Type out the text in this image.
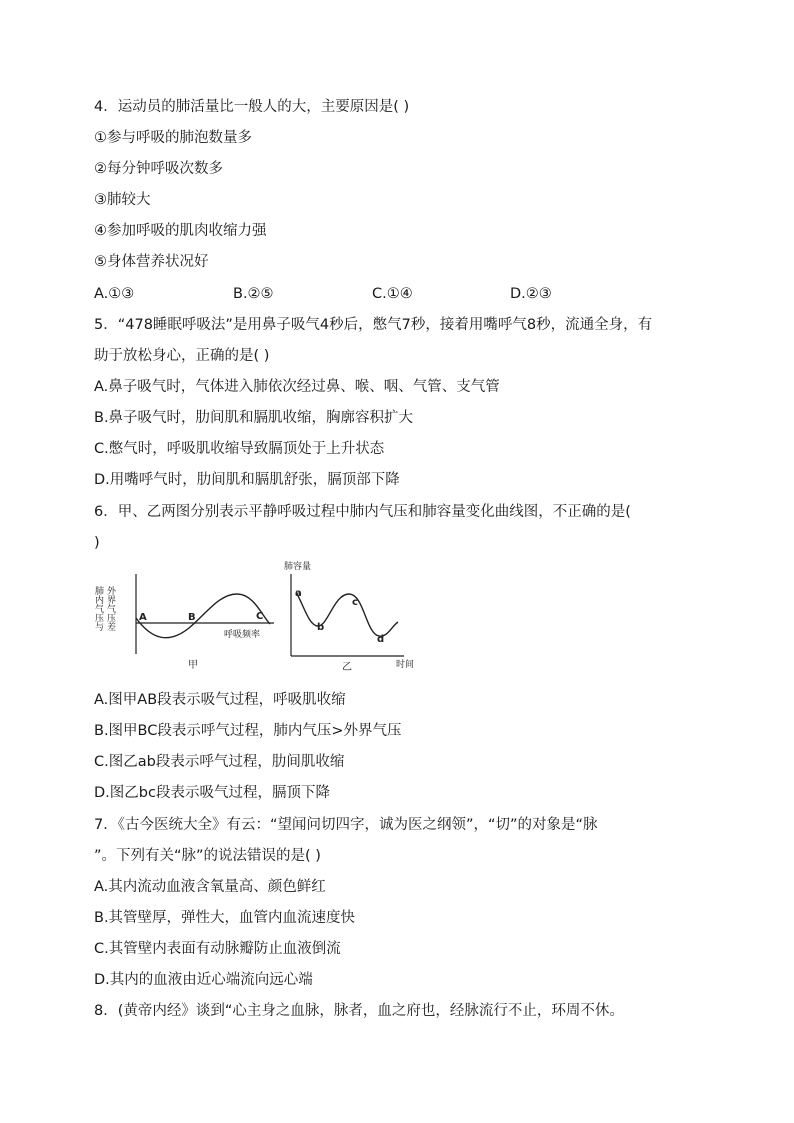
4．运动员的肺活量比一般人的大，主要原因是( )
①参与呼吸的肺泡数量多
②每分钟呼吸次数多
③肺较大
④参加呼吸的肌肉收缩力强
⑤身体营养状况好
A.①③	B.②⑤	C.①④	D.②③
5．“478睡眠呼吸法”是用鼻子吸气4秒后，憋气7秒，接着用嘴呼气8秒，流通全身，有
助于放松身心，正确的是( )
A.鼻子吸气时，气体进入肺依次经过鼻、喉、咽、气管、支气管
B.鼻子吸气时，肋间肌和膈肌收缩，胸廓容积扩大
C.憋气时，呼吸肌收缩导致膈顶处于上升状态
D.用嘴呼气时，肋间肌和膈肌舒张，膈顶部下降
6．甲、乙两图分别表示平静呼吸过程中肺内气压和肺容量变化曲线图，不正确的是(
)
肺内气压与 外界气压差 A	B	C
呼吸频率
甲
肺容量
a
b
c
d
时间
乙
A.图甲AB段表示吸气过程，呼吸肌收缩
B.图甲BC段表示呼气过程，肺内气压>外界气压
C.图乙ab段表示呼气过程，肋间肌收缩
D.图乙bc段表示吸气过程，膈顶下降
7．《古今医统大全》有云：“望闻问切四字，诚为医之纲领”，“切”的对象是“脉
”。下列有关“脉”的说法错误的是( )
A.其内流动血液含氧量高、颜色鲜红
B.其管壁厚，弹性大，血管内血流速度快
C.其管壁内表面有动脉瓣防止血液倒流
D.其内的血液由近心端流向远心端
8．(黄帝内经》谈到“心主身之血脉，脉者，血之府也，经脉流行不止，环周不休。
